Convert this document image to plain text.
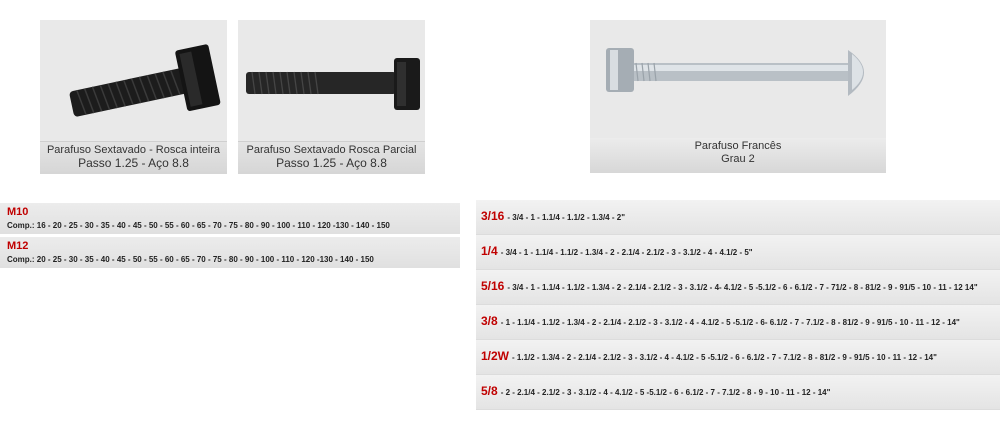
Parafuso Sextavado - Rosca inteira
Passo 1.25 - Aço 8.8
Parafuso Sextavado Rosca Parcial
Passo 1.25 - Aço 8.8
Parafuso Francês
Grau 2
M10
Comp.: 16 - 20 - 25 - 30 - 35 - 40 - 45 - 50 - 55 - 60 - 65 - 70 - 75 - 80 - 90 - 100 - 110 - 120 -130 - 140 - 150
M12
Comp.: 20 - 25 - 30 - 35 - 40 - 45 - 50 - 55 - 60 - 65 - 70 - 75 - 80 - 90 - 100 - 110 - 120 -130 - 140 - 150
3/16 - 3/4 - 1 - 1.1/4 - 1.1/2 - 1.3/4 - 2"
1/4 - 3/4 - 1 - 1.1/4 - 1.1/2 - 1.3/4 - 2 - 2.1/4 - 2.1/2 - 3 - 3.1/2 - 4 - 4.1/2 - 5"
5/16 - 3/4 - 1 - 1.1/4 - 1.1/2 - 1.3/4 - 2 - 2.1/4 - 2.1/2 - 3 - 3.1/2 - 4- 4.1/2 - 5 -5.1/2 - 6 - 6.1/2 - 7 - 71/2 - 8 - 81/2 - 9 - 91/5 - 10 - 11 - 12 14"
3/8 - 1 - 1.1/4 - 1.1/2 - 1.3/4 - 2 - 2.1/4 - 2.1/2 - 3 - 3.1/2 - 4 - 4.1/2 - 5 -5.1/2 - 6- 6.1/2 - 7 - 7.1/2 - 8 - 81/2 - 9 - 91/5 - 10 - 11 - 12 - 14"
1/2W - 1.1/2 - 1.3/4 - 2 - 2.1/4 - 2.1/2 - 3 - 3.1/2 - 4 - 4.1/2 - 5 -5.1/2 - 6 - 6.1/2 - 7 - 7.1/2 - 8 - 81/2 - 9 - 91/5 - 10 - 11 - 12 - 14"
5/8 - 2 - 2.1/4 - 2.1/2 - 3 - 3.1/2 - 4 - 4.1/2 - 5 -5.1/2 - 6 - 6.1/2 - 7 - 7.1/2 - 8 - 9 - 10 - 11 - 12 - 14"
